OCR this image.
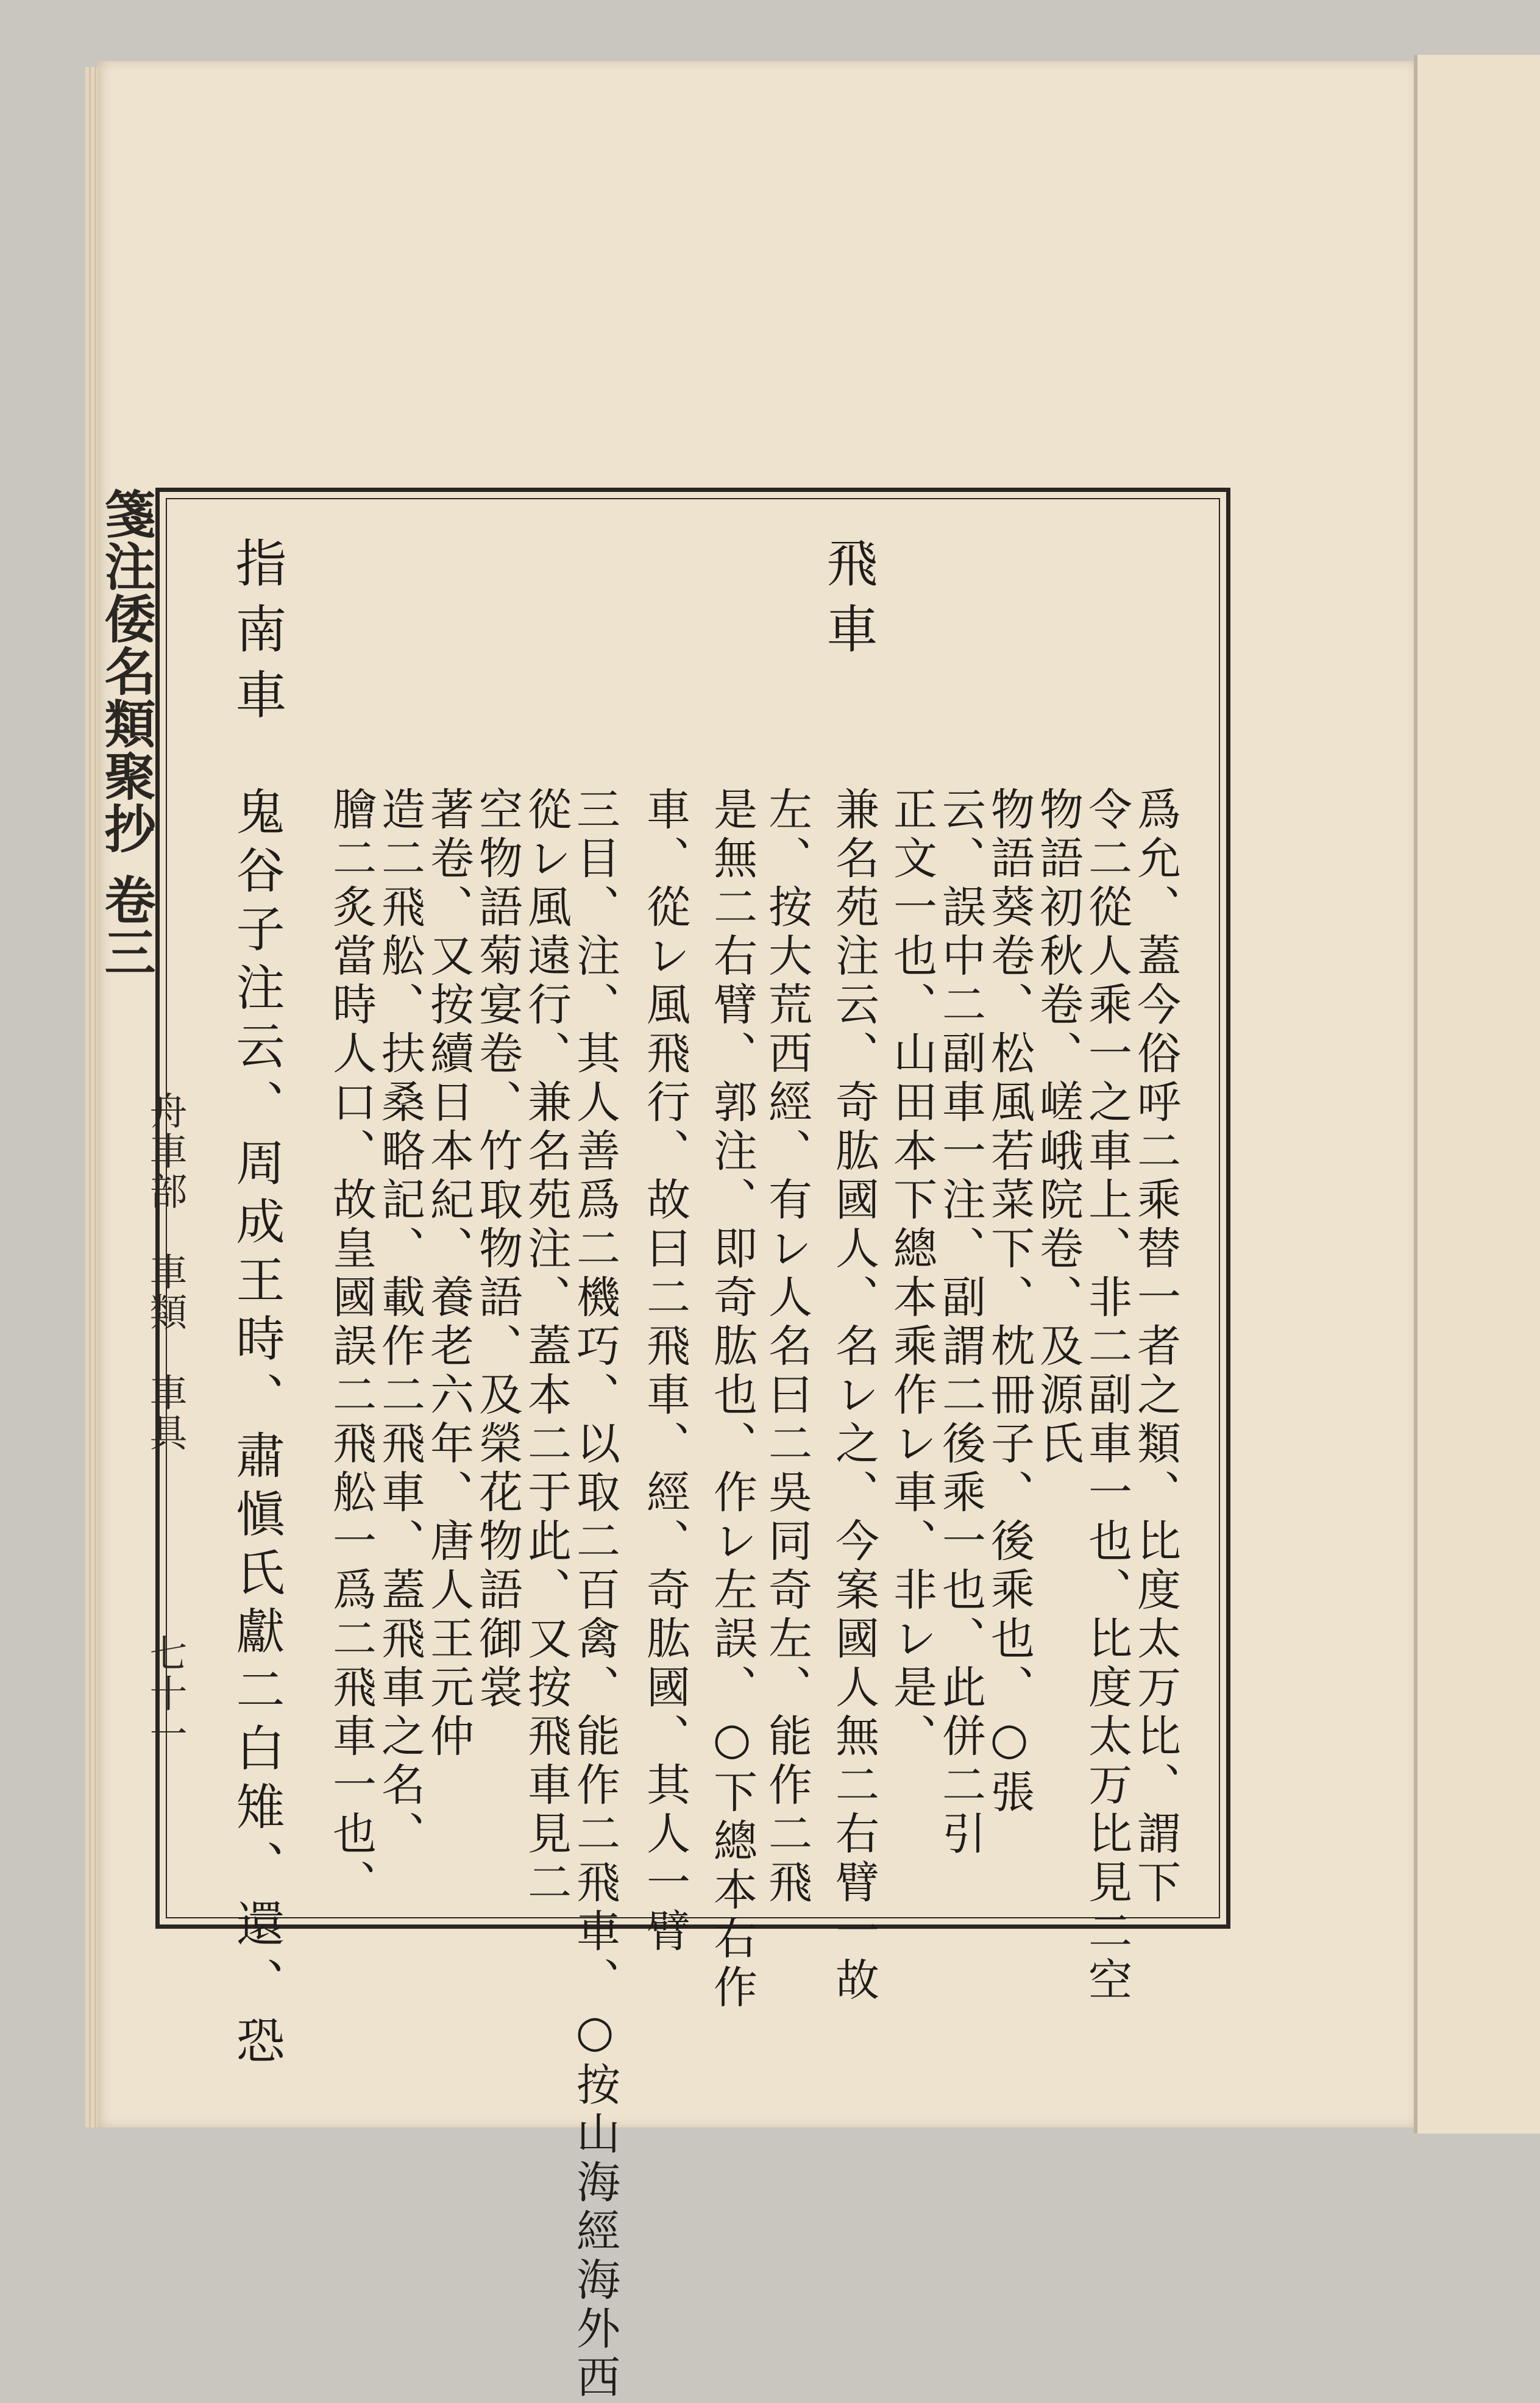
箋注倭名類聚抄 卷三
舟車部　車類　車具
七十一
飛車
爲允、蓋今俗呼二乘替一者之類、比度太万比、謂下
令二從人乘一之車上、非二副車一也、比度太万比見二空
物語初秋卷、嵯峨院卷、及源氏
物語葵卷、松風若菜下、枕冊子、後乘也、○張
云、誤中二副車一注、副謂二後乘一也、此併二引
正文一也、山田本下總本乘作レ車、非レ是、
兼名苑注云、奇肱國人、名レ之、今案國人無二右臂一故
左、按大荒西經、有レ人名曰二吳同奇左、能作二飛
是無二右臂、郭注、即奇肱也、作レ左誤、○下總本右作
車、從レ風飛行、故曰二飛車、經、奇肱國、其人一臂
三目、注、其人善爲二機巧、以取二百禽、能作二飛車、○按山海經海外西
從レ風遠行、兼名苑注、蓋本二于此、又按飛車見二
空物語菊宴卷、竹取物語、及榮花物語御裳
著卷、又按續日本紀、養老六年、唐人王元仲
造二飛舩、扶桑略記、載作二飛車、蓋飛車之名、
膾二炙當時人口、故皇國誤二飛舩一爲二飛車一也、
指南車
鬼谷子注云、周成王時、肅愼氏獻二白雉、還、恐
